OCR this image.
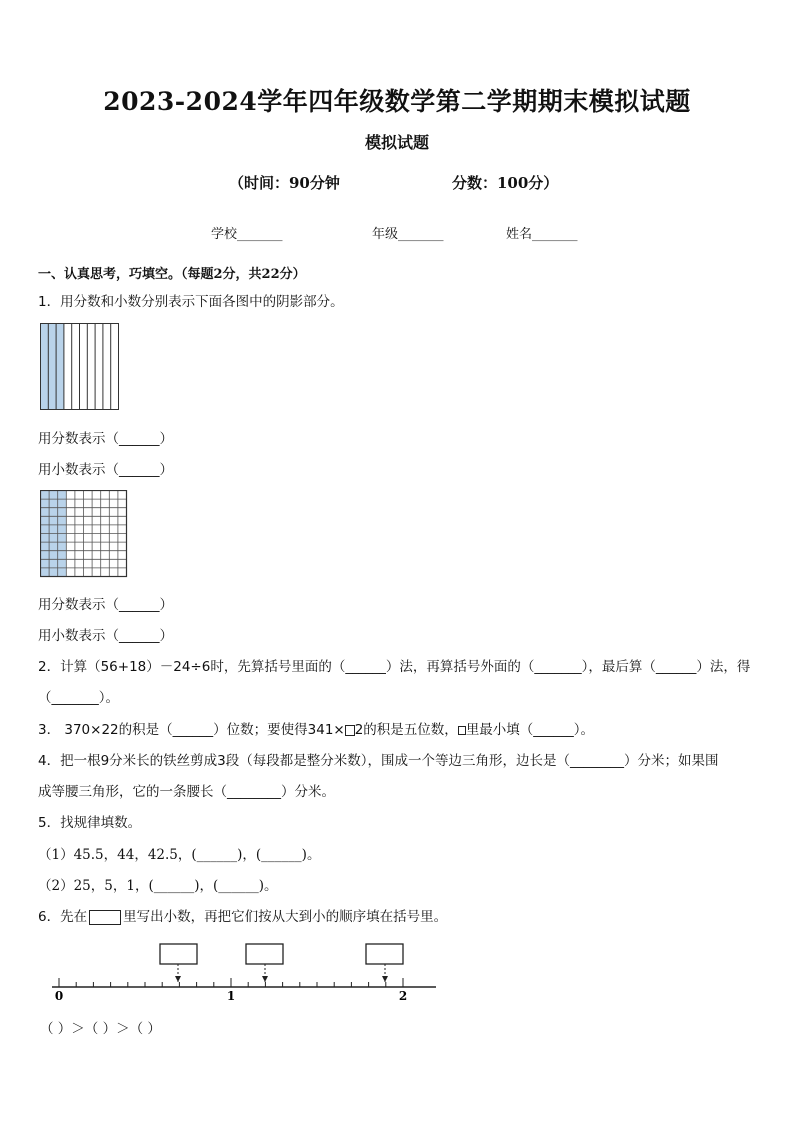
2023-2024学年四年级数学第二学期期末模拟试题
模拟试题
（时间：90分钟	分数：100分）
学校_______	年级_______	姓名_______
一、认真思考，巧填空。（每题2分，共22分）
1．用分数和小数分别表示下面各图中的阴影部分。
用分数表示（______）
用小数表示（______）
用分数表示（______）
用小数表示（______）
2．计算（56+18）－24÷6时，先算括号里面的（______）法，再算括号外面的（_______），最后算（______）法，得
（_______）。
3． 370×22的积是（______）位数；要使得341× 2的积是五位数， 里最小填（______）。
4．把一根9分米长的铁丝剪成3段（每段都是整分米数），围成一个等边三角形，边长是（________）分米；如果围
成等腰三角形，它的一条腰长（________）分米。
5．找规律填数。
（1）45.5，44，42.5，(______)，(______)。
（2）25，5，1，(______)，(______)。
6．先在	里写出小数，再把它们按从大到小的顺序填在括号里。
0	1	2
（ ）＞（ ）＞（ ）
